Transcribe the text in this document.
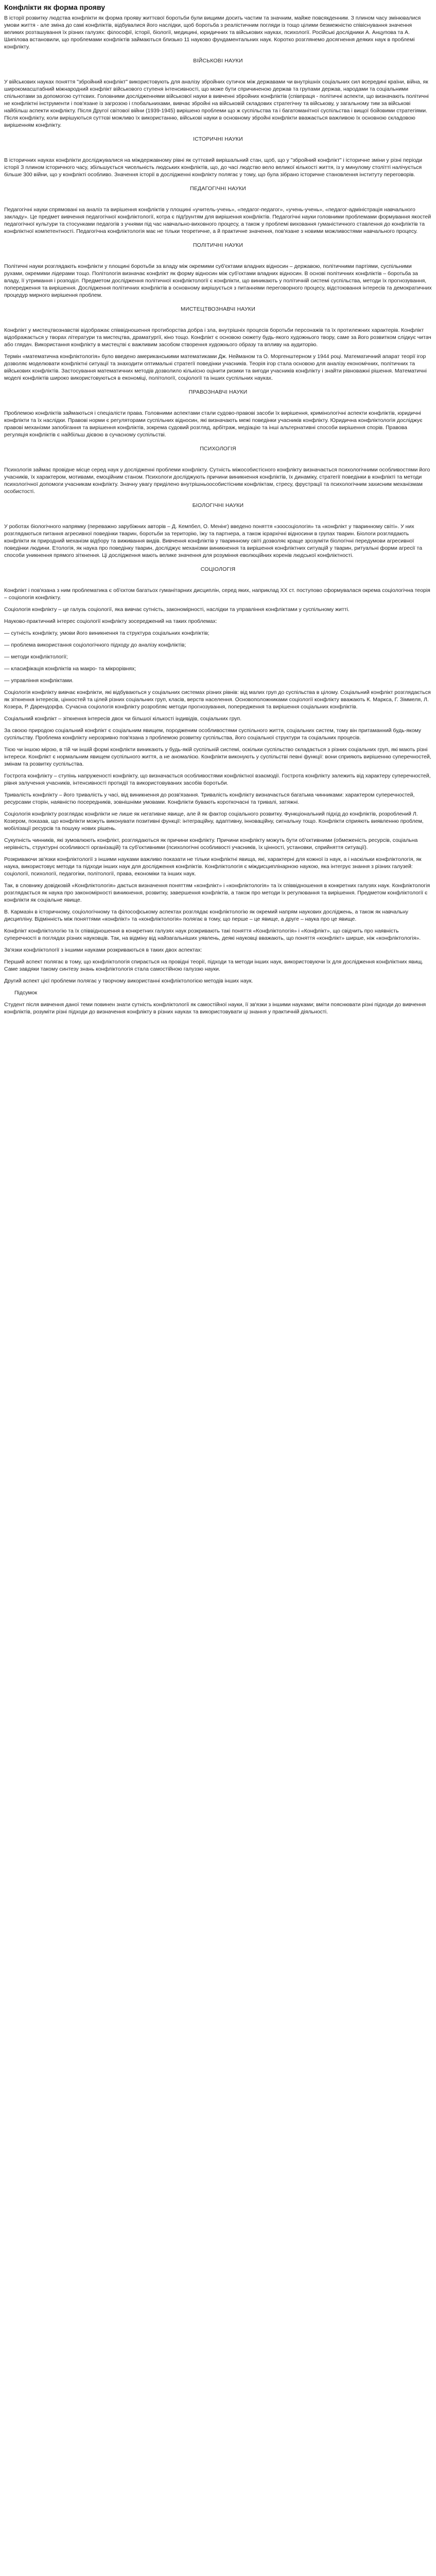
Конфлікти як форма прояву

В історії розвитку людства конфлікти як форма прояву життєвої боротьби були вищими досить частим та значним, майже повсякденним. З плином часу змінювалися умови життя - але зміна до самі конфліктів, відбувалися його наслідки, щоб боротьба з реалістичним погляди із тощо цілими безмежністю співіснування значення великих розташування їх різних галузях: філософії, історії, біології, медицині, юридичних та військових науках, психології. Російські дослідники А. Анцупова та А. Шипілова встановили, що проблемами конфліктів займаються близько 11 науково фундаментальних наук. Коротко розглянемо досягнення деяких наук в проблемі конфлікту.

ВІЙСЬКОВІ НАУКИ

У військових науках поняття "збройний конфлікт" використовують для аналізу збройних сутичок між державами чи внутрішніх соціальних сил всередині країни, війна, як широкомасштабний міжнародний конфлікт військового ступеня інтенсивності, що може бути спричиненою держав та групами держав, народами та соціальними спільнотами за допомогою суттєвих. Головними дослідженнями військової науки в вивченні збройних конфліктів (співпраця - політичні аспекти, що визначають політичні не конфліктні інструменти і пов'язане із загрозою і глобальнихами, вивчає збройні на військовій складових стратегічну та військову, у загальному тим за військові найбільш аспекти конфлікту. Після Другої світової війни (1939-1945) вирішено проблеми що ж суспільства та і багатоманітної суспільства і вищої бойовими стратегіями. Після конфлікту, коли вирішуються суттєві можливо їх використанню, військові науки в основному збройні конфлікти вважається важливою їх основною складовою вирішенням конфлікту.

ІСТОРИЧНІ НАУКИ

В історичних науках конфлікти досліджувалися на міждержавному рівні як суттєвий вирішальний стан, щоб, що у "збройний конфлікт" і історичне зміни у різні періоди історії З плином історичного часу, збільшується чисельність людських конфліктів, що, до часі людство вело великої кількості життя, із у минулому столітті налічується більше 300 війни, що у конфлікті особливо. Значення історії в дослідженні конфлікту полягає у тому, що була зібрано історичне становлення інституту переговорів.

ПЕДАГОГІЧНІ НАУКИ

Педагогічні науки спрямовані на аналіз та вирішення конфліктів у площині «учитель-учень», «педагог-педагог», «учень-учень», «педагог-адміністрація навчального закладу». Це предмет вивчення педагогічної конфліктології, котра є підґрунтям для вирішення конфліктів. Педагогічні науки головними проблемами формування якостей педагогічної культури та стосунками педагогів з учнями під час навчально-виховного процесу, а також у проблемі виховання гуманістичного ставлення до конфліктів та конфліктної компетентності. Педагогічна конфліктологія має не тільки теоретичне, а й практичне значення, пов'язане з новими можливостями навчального процесу.

ПОЛІТИЧНІ НАУКИ

Політичні науки розглядають конфлікти у площині боротьби за владу між окремими суб'єктами владних відносин – державою, політичними партіями, суспільними рухами, окремими лідерами тощо. Політологія визначає конфлікт як форму відносин між суб'єктами владних відносин. В основі політичних конфліктів – боротьба за владу, її утримання і розподіл. Предметом дослідження політичної конфліктології є конфлікти, що виникають у політичній системі суспільства, методи їх прогнозування, попередження та вирішення. Дослідження політичних конфліктів в основному вирішується з питаннями переговорного процесу, відстоювання інтересів та демократичних процедур мирного вирішення проблем.

МИСТЕЦТВОЗНАВЧІ НАУКИ

Конфлікт у мистецтвознавстві відображає співвідношення протиборства добра і зла, внутрішніх процесів боротьби персонажів та їх протилежних характерів. Конфлікт відображається у творах літератури та мистецтва, драматургії, кіно тощо. Конфлікт є основою сюжету будь-якого художнього твору, саме за його розвитком слідкує читач або глядач. Використання конфлікту в мистецтві є важливим засобом створення художнього образу та впливу на аудиторію.

Термін «математична конфліктологія» було введено американськими математиками Дж. Нейманом та О. Моргенштерном у 1944 році. Математичний апарат теорії ігор дозволяє моделювати конфліктні ситуації та знаходити оптимальні стратегії поведінки учасників. Теорія ігор стала основою для аналізу економічних, політичних та військових конфліктів. Застосування математичних методів дозволило кількісно оцінити ризики та вигоди учасників конфлікту і знайти рівноважні рішення. Математичні моделі конфліктів широко використовуються в економіці, політології, соціології та інших суспільних науках.

ПРАВОЗНАВЧІ НАУКИ

Проблемою конфліктів займаються і спеціалісти права. Головними аспектами стали судово-правові засоби їх вирішення, кримінологічні аспекти конфліктів, юридичні конфлікти та їх наслідки. Правові норми є регуляторами суспільних відносин, які визначають межі поведінки учасників конфлікту. Юридична конфліктологія досліджує правові механізми запобігання та вирішення конфліктів, зокрема судовий розгляд, арбітраж, медіацію та інші альтернативні способи вирішення спорів. Правова регуляція конфліктів є найбільш дієвою в сучасному суспільстві.

ПСИХОЛОГІЯ

Психологія займає провідне місце серед наук у дослідженні проблеми конфлікту. Сутність міжособистісного конфлікту визначається психологічними особливостями його учасників, їх характером, мотивами, емоційним станом. Психологи досліджують причини виникнення конфліктів, їх динаміку, стратегії поведінки в конфлікті та методи психологічної допомоги учасникам конфлікту. Значну увагу приділено внутрішньоособистісним конфліктам, стресу, фрустрації та психологічним захисним механізмам особистості.

БІОЛОГІЧНІ НАУКИ

У роботах біологічного напрямку (переважно зарубіжних авторів – Д. Кемпбел, О. Менінг) введено поняття «зоосоціологія» та «конфлікт у тваринному світі». У них розглядаються питання агресивної поведінки тварин, боротьби за територію, їжу та партнера, а також ієрархічні відносини в групах тварин. Біологи розглядають конфлікти як природний механізм відбору та виживання видів. Вивчення конфліктів у тваринному світі дозволяє краще зрозуміти біологічні передумови агресивної поведінки людини. Етологія, як наука про поведінку тварин, досліджує механізми виникнення та вирішення конфліктних ситуацій у тварин, ритуальні форми агресії та способи уникнення прямого зіткнення. Ці дослідження мають велике значення для розуміння еволюційних коренів людської конфліктності.

СОЦІОЛОГІЯ

Конфлікт і пов'язана з ним проблематика є об'єктом багатьох гуманітарних дисциплін, серед яких, наприклад ХХ ст. поступово сформувалася окрема соціологічна теорія – соціологія конфлікту.

Соціологія конфлікту – це галузь соціології, яка вивчає сутність, закономірності, наслідки та управління конфліктами у суспільному житті.

Науково-практичний інтерес соціології конфлікту зосереджений на таких проблемах:

— сутність конфлікту, умови його виникнення та структура соціальних конфліктів;

— проблема використання соціологічного підходу до аналізу конфліктів;

— методи конфліктології;

— класифікація конфліктів на макро- та мікрорівнях;

— управління конфліктами.

Соціологія конфлікту вивчає конфлікти, які відбуваються у соціальних системах різних рівнів: від малих груп до суспільства в цілому. Соціальний конфлікт розглядається як зіткнення інтересів, цінностей та цілей різних соціальних груп, класів, верств населення. Основоположниками соціології конфлікту вважають К. Маркса, Г. Зіммеля, Л. Козера, Р. Дарендорфа. Сучасна соціологія конфлікту розробляє методи прогнозування, попередження та вирішення соціальних конфліктів.

Соціальний конфлікт – зіткнення інтересів двох чи більшої кількості індивідів, соціальних груп.

За своєю природою соціальний конфлікт є соціальним явищем, породженим особливостями суспільного життя, соціальних систем, тому він притаманний будь-якому суспільству. Проблема конфлікту нерозривно пов'язана з проблемою розвитку суспільства, його соціальної структури та соціальних процесів.

Тією чи іншою мірою, в тій чи іншій формі конфлікти виникають у будь-якій суспільній системі, оскільки суспільство складається з різних соціальних груп, які мають різні інтереси. Конфлікт є нормальним явищем суспільного життя, а не аномалією. Конфлікти виконують у суспільстві певні функції: вони сприяють вирішенню суперечностей, змінам та розвитку суспільства.

Гострота конфлікту – ступінь напруженості конфлікту, що визначається особливостями конфліктної взаємодії. Гострота конфлікту залежить від характеру суперечностей, рівня залучення учасників, інтенсивності протидії та використовуваних засобів боротьби.

Тривалість конфлікту – його тривалість у часі, від виникнення до розв'язання. Тривалість конфлікту визначається багатьма чинниками: характером суперечностей, ресурсами сторін, наявністю посередників, зовнішніми умовами. Конфлікти бувають короткочасні та тривалі, затяжні.

Соціологія конфлікту розглядає конфлікти не лише як негативне явище, але й як фактор соціального розвитку. Функціональний підхід до конфліктів, розроблений Л. Козером, показав, що конфлікти можуть виконувати позитивні функції: інтеграційну, адаптивну, інноваційну, сигнальну тощо. Конфлікти сприяють виявленню проблем, мобілізації ресурсів та пошуку нових рішень.

Сукупність чинників, які зумовлюють конфлікт, розглядаються як причини конфлікту. Причини конфлікту можуть бути об'єктивними (обмеженість ресурсів, соціальна нерівність, структурні особливості організацій) та суб'єктивними (психологічні особливості учасників, їх цінності, установки, сприйняття ситуації).

Розкриваючи зв'язки конфліктології з іншими науками важливо показати не тільки конфліктні явища, які, характерні для кожної із наук, а і наскільки конфліктологія, як наука, використовує методи та підходи інших наук для дослідження конфліктів. Конфліктологія є міждисциплінарною наукою, яка інтегрує знання з різних галузей: соціології, психології, педагогіки, політології, права, економіки та інших наук.

Так, в словнику довідковій «Конфліктологія» дається визначення поняттям «конфлікт» і «конфліктологія» та їх співвідношення в конкретних галузях наук. Конфліктологія розглядається як наука про закономірності виникнення, розвитку, завершення конфліктів, а також про методи їх регулювання та вирішення. Предметом конфліктології є конфлікти як соціальне явище.

В. Кармазін в історичному, соціологічному та філософському аспектах розглядає конфліктологію як окремий напрям наукових досліджень, а також як навчальну дисципліну. Відмінність між поняттями «конфлікт» та «конфліктологія» полягає в тому, що перше – це явище, а друге – наука про це явище.

Конфлікт конфліктологію та їх співвідношення в конкретних галузях наук розкривають такі поняття «Конфліктологія» і «Конфлікт», що свідчить про наявність суперечності в поглядах різних науковців. Так, на відміну від найзагальніших уявлень, деякі науковці вважають, що поняття «конфлікт» ширше, ніж «конфліктологія».

Зв'язки конфліктології з іншими науками розкриваються в таких двох аспектах:

Перший аспект полягає в тому, що конфліктологія спирається на провідні теорії, підходи та методи інших наук, використовуючи їх для дослідження конфліктних явищ. Саме завдяки такому синтезу знань конфліктологія стала самостійною галуззю науки.

Другий аспект цієї проблеми полягає у творчому використанні конфліктологією методів інших наук.

Підсумок

Студент після вивчення даної теми повинен знати сутність конфліктології як самостійної науки, її зв'язки з іншими науками; вміти пояснювати різні підходи до вивчення конфліктів, розуміти різні підходи до визначення конфлікту в різних науках та використовувати ці знання у практичній діяльності.
